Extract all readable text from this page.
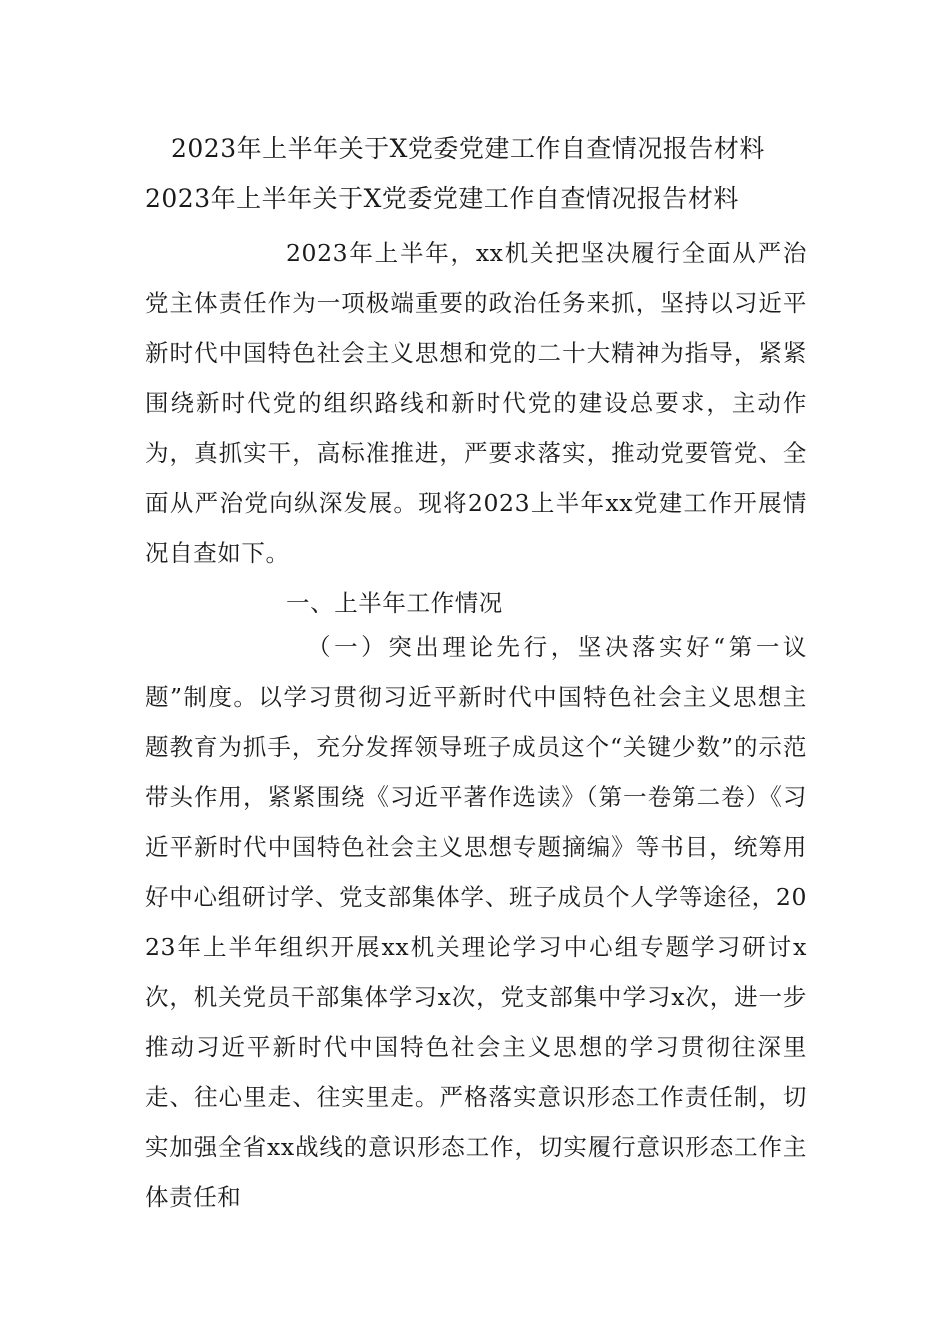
2023年上半年关于X党委党建工作自查情况报告材料
2023年上半年关于X党委党建工作自查情况报告材料

2023年上半年，xx机关把坚决履行全面从严治党主体责任作为一项极端重要的政治任务来抓，坚持以习近平新时代中国特色社会主义思想和党的二十大精神为指导，紧紧围绕新时代党的组织路线和新时代党的建设总要求，主动作为，真抓实干，高标准推进，严要求落实，推动党要管党、全面从严治党向纵深发展。现将2023上半年xx党建工作开展情况自查如下。

一、上半年工作情况

（一）突出理论先行，坚决落实好“第一议题”制度。以学习贯彻习近平新时代中国特色社会主义思想主题教育为抓手，充分发挥领导班子成员这个“关键少数”的示范带头作用，紧紧围绕《习近平著作选读》（第一卷第二卷）《习近平新时代中国特色社会主义思想专题摘编》等书目，统筹用好中心组研讨学、党支部集体学、班子成员个人学等途径，2023年上半年组织开展xx机关理论学习中心组专题学习研讨x次，机关党员干部集体学习x次，党支部集中学习x次，进一步推动习近平新时代中国特色社会主义思想的学习贯彻往深里走、往心里走、往实里走。严格落实意识形态工作责任制，切实加强全省xx战线的意识形态工作，切实履行意识形态工作主体责任和
